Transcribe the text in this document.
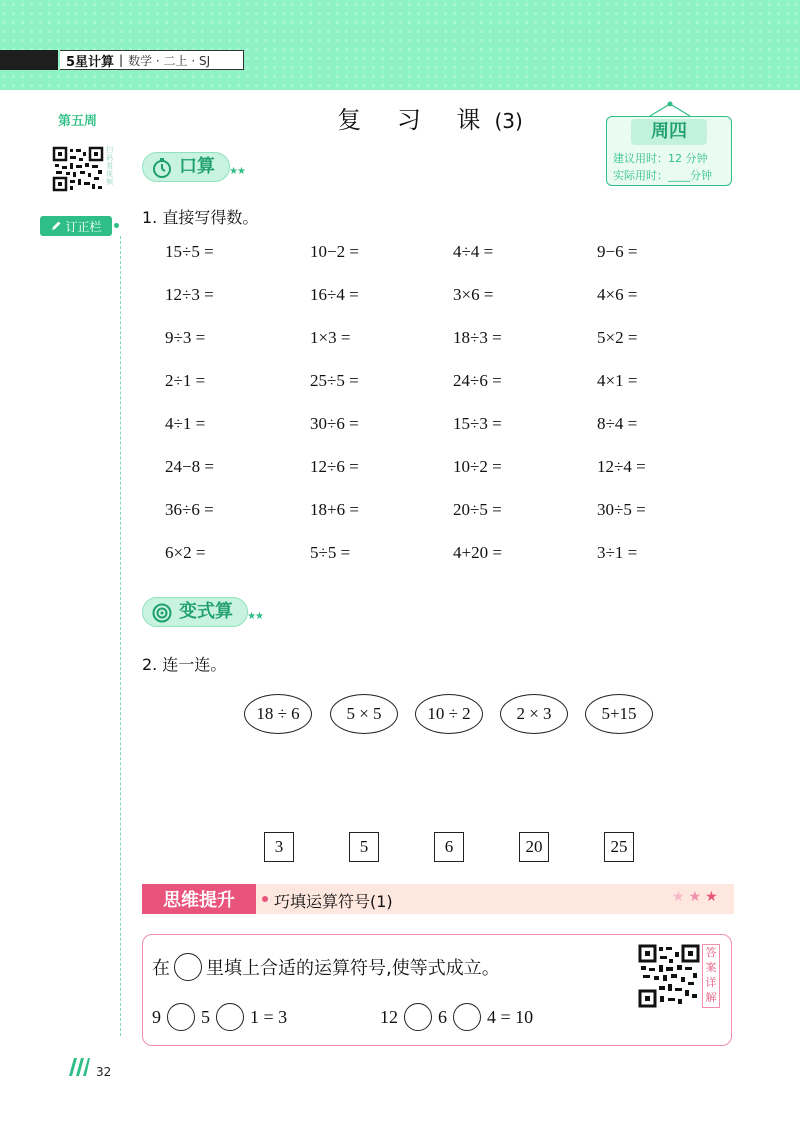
5星计算 | 数学 · 二上 · SJ
第五周
扫码看视频
订正栏
复 习 课(3)	周四
建议用时：12 分钟
实际用时：____分钟
口算 ★★
1. 直接写得数。
15÷5 =	10−2 =	4÷4 =	9−6 =
12÷3 =	16÷4 =	3×6 =	4×6 =
9÷3 =	1×3 =	18÷3 =	5×2 =
2÷1 =	25÷5 =	24÷6 =	4×1 =
4÷1 =	30÷6 =	15÷3 =	8÷4 =
24−8 =	12÷6 =	10÷2 =	12÷4 =
36÷6 =	18+6 =	20÷5 =	30÷5 =
6×2 =	5÷5 =	4+20 =	3÷1 =
变式算 ★★
2. 连一连。
18 ÷ 6	5 × 5	10 ÷ 2	2 × 3	5+15
3	5	6	20	25
思维提升	巧填运算符号(1)	★★★
在 里填上合适的运算符号,使等式成立。
9 5 1 = 3	12 6 4 = 10
答案详解
32
